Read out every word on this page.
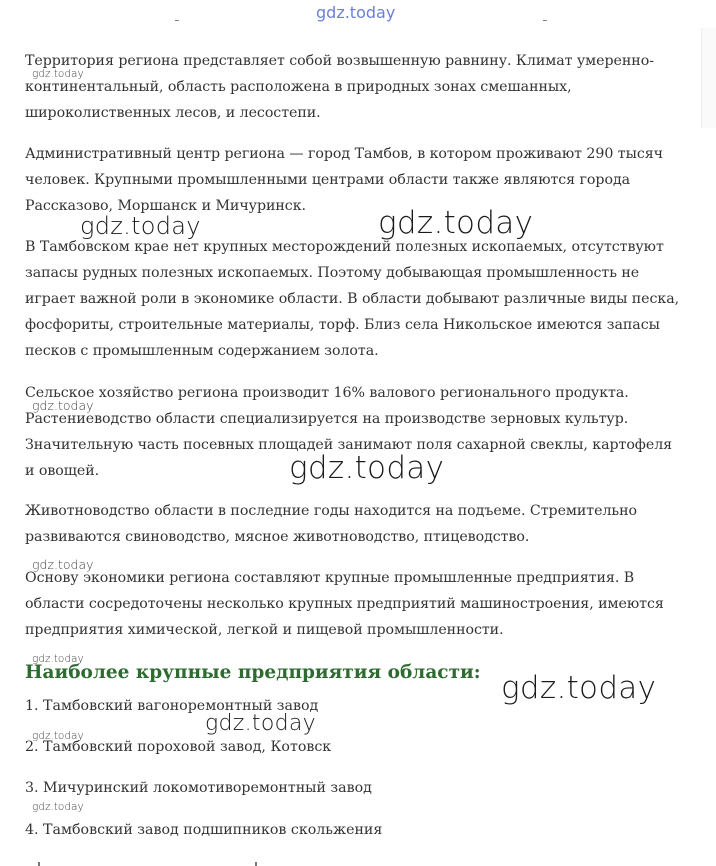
gdz.today

Территория региона представляет собой возвышенную равнину. Климат умеренно-континентальный, область расположена в природных зонах смешанных, широколиственных лесов, и лесостепи.

Административный центр региона — город Тамбов, в котором проживают 290 тысяч человек. Крупными промышленными центрами области также являются города Рассказово, Моршанск и Мичуринск.

В Тамбовском крае нет крупных месторождений полезных ископаемых, отсутствуют запасы рудных полезных ископаемых. Поэтому добывающая промышленность не играет важной роли в экономике области. В области добывают различные виды песка, фосфориты, строительные материалы, торф. Близ села Никольское имеются запасы песков с промышленным содержанием золота.

Сельское хозяйство региона производит 16% валового регионального продукта. Растениеводство области специализируется на производстве зерновых культур. Значительную часть посевных площадей занимают поля сахарной свеклы, картофеля и овощей.

Животноводство области в последние годы находится на подъеме. Стремительно развиваются свиноводство, мясное животноводство, птицеводство.

Основу экономики региона составляют крупные промышленные предприятия. В области сосредоточены несколько крупных предприятий машиностроения, имеются предприятия химической, легкой и пищевой промышленности.

Наиболее крупные предприятия области:

1. Тамбовский вагоноремонтный завод

2. Тамбовский пороховой завод, Котовск

3. Мичуринский локомотиворемонтный завод

4. Тамбовский завод подшипников скольжения

gdz.today
gdz.today	gdz.today
gdz.today
gdz.today
gdz.today
gdz.today
gdz.today
gdz.today
gdz.today
gdz.today
